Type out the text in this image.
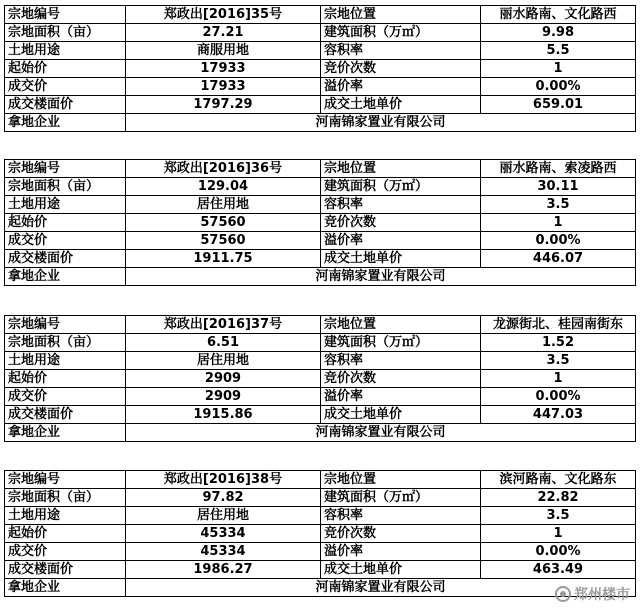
宗地编号	郑政出[2016]35号	宗地位置	丽水路南、文化路西
宗地面积（亩）	27.21	建筑面积（万㎡）	9.98
土地用途	商服用地	容积率	5.5
起始价	17933	竞价次数	1
成交价	17933	溢价率	0.00%
成交楼面价	1797.29	成交土地单价	659.01
拿地企业	河南锦家置业有限公司		
宗地编号	郑政出[2016]36号	宗地位置	丽水路南、索凌路西
宗地面积（亩）	129.04	建筑面积（万㎡）	30.11
土地用途	居住用地	容积率	3.5
起始价	57560	竞价次数	1
成交价	57560	溢价率	0.00%
成交楼面价	1911.75	成交土地单价	446.07
拿地企业	河南锦家置业有限公司		
宗地编号	郑政出[2016]37号	宗地位置	龙源街北、桂园南街东
宗地面积（亩）	6.51	建筑面积（万㎡）	1.52
土地用途	居住用地	容积率	3.5
起始价	2909	竞价次数	1
成交价	2909	溢价率	0.00%
成交楼面价	1915.86	成交土地单价	447.03
拿地企业	河南锦家置业有限公司		
宗地编号	郑政出[2016]38号	宗地位置	滨河路南、文化路东
宗地面积（亩）	97.82	建筑面积（万㎡）	22.82
土地用途	居住用地	容积率	3.5
起始价	45334	竞价次数	1
成交价	45334	溢价率	0.00%
成交楼面价	1986.27	成交土地单价	463.49
拿地企业	河南锦家置业有限公司			郑州楼市
